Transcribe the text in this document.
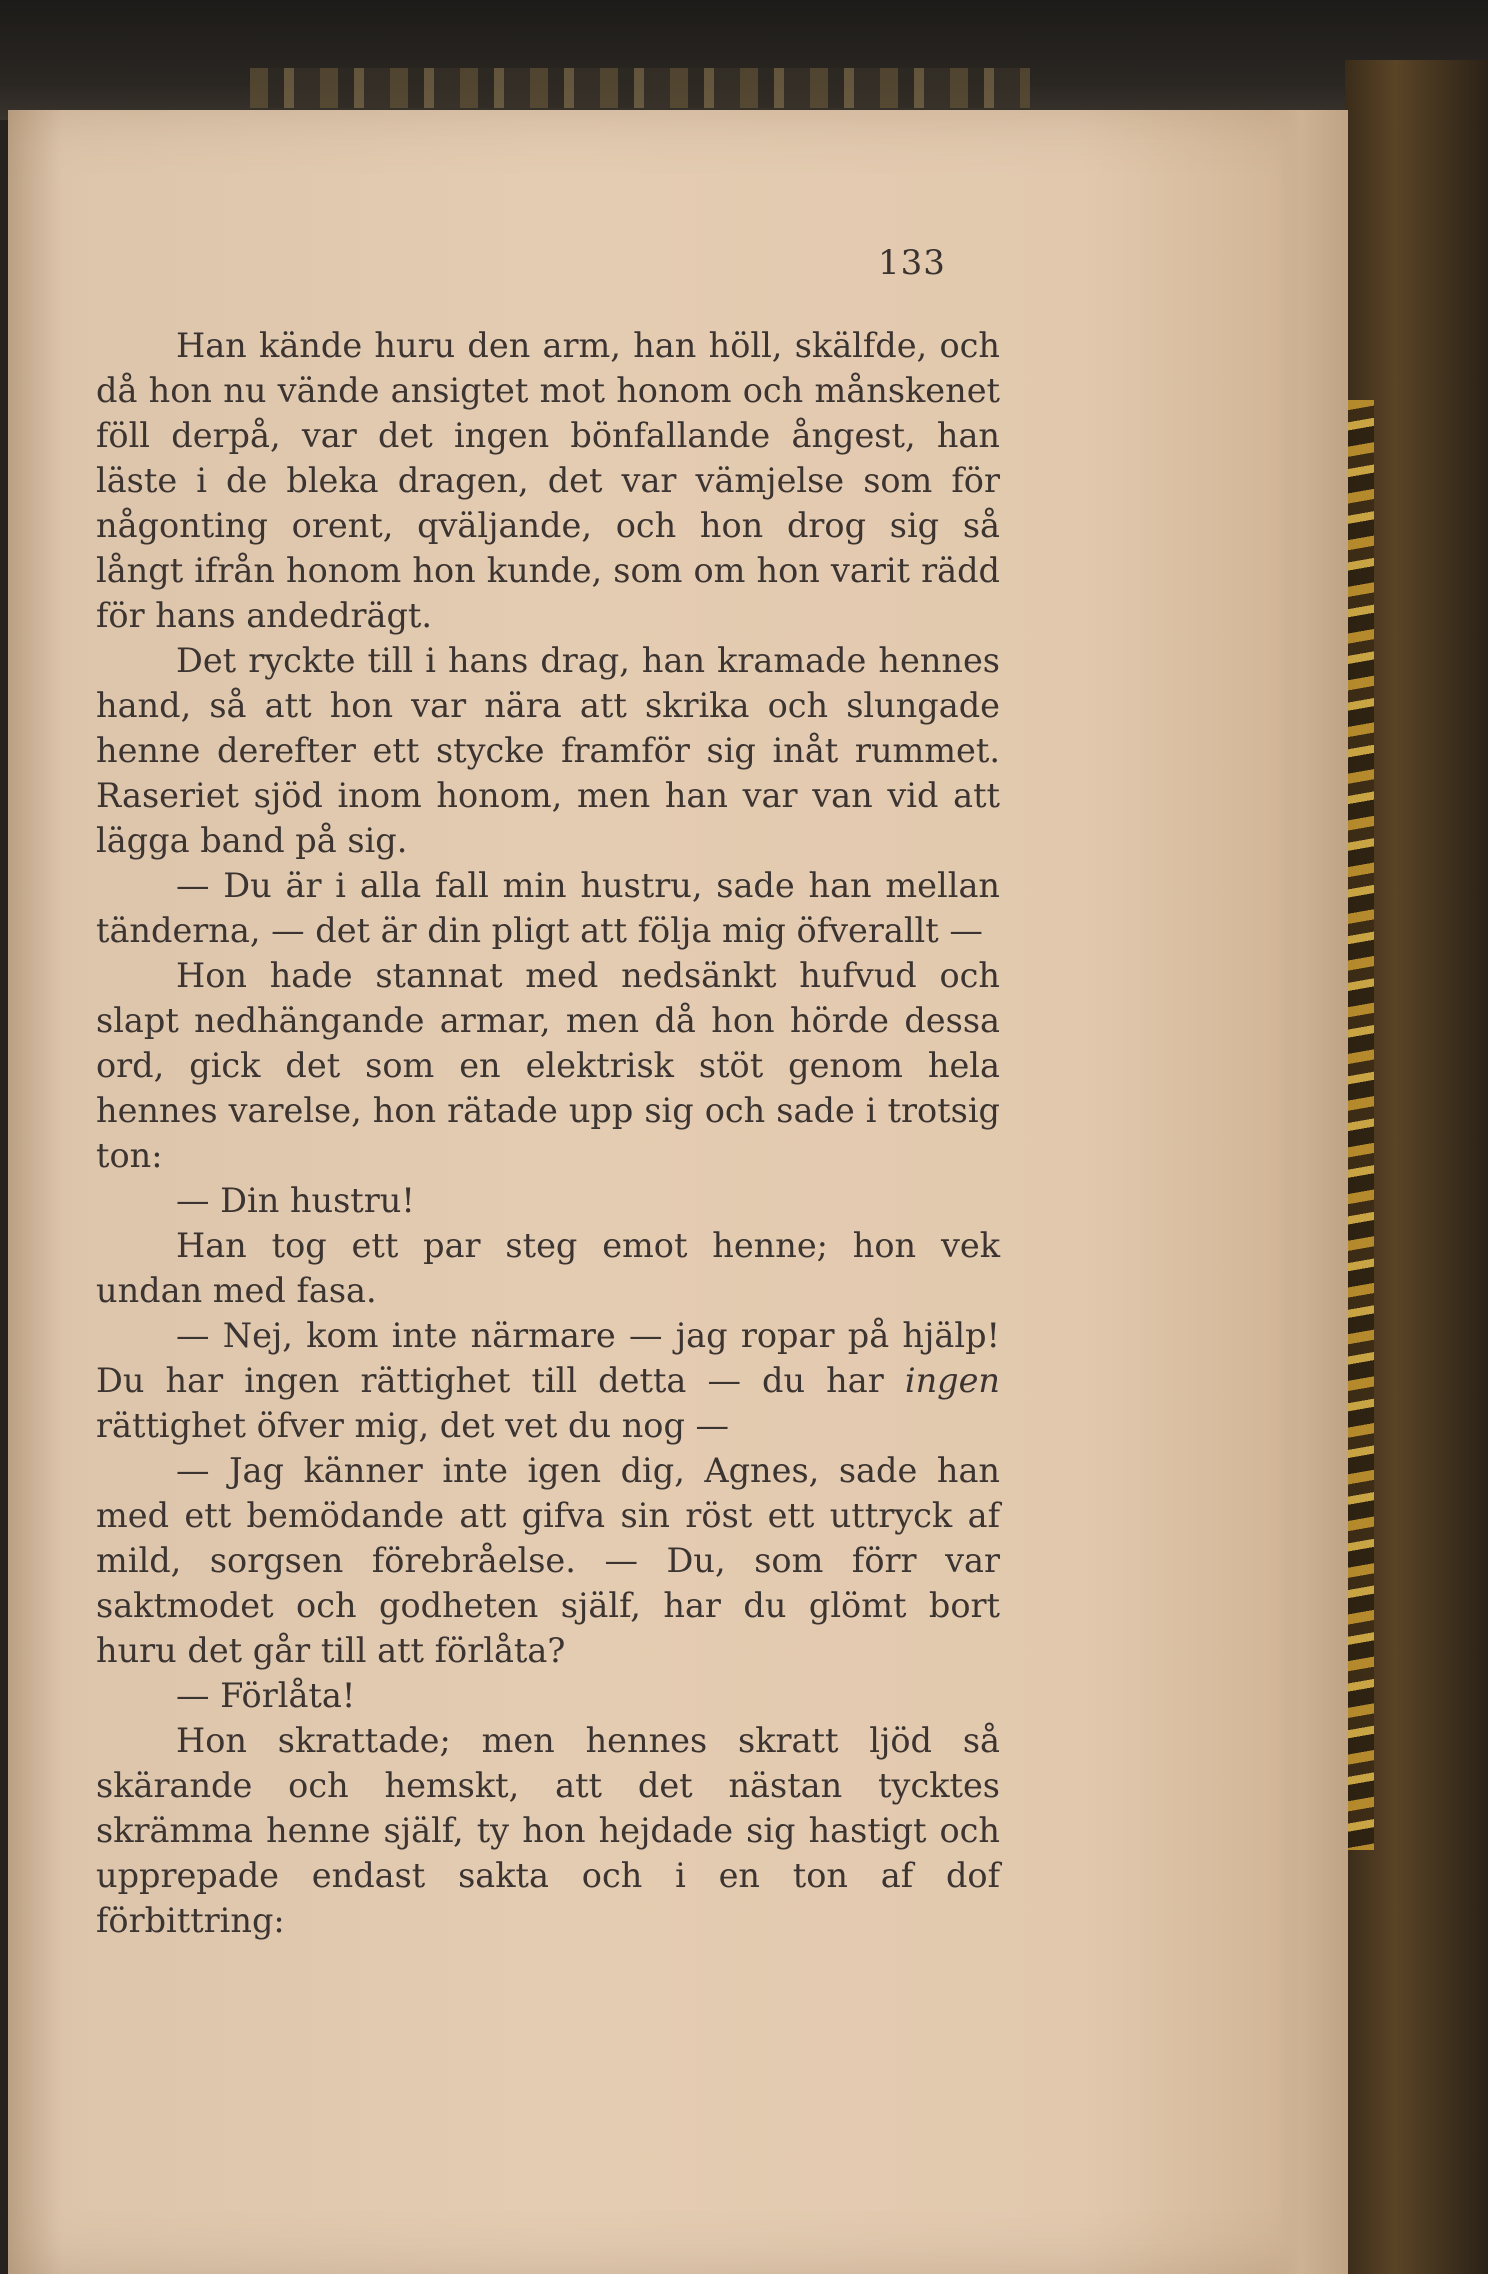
133

Han kände huru den arm, han höll, skälfde, och då hon nu vände ansigtet mot honom och månskenet föll derpå, var det ingen bönfallande ångest, han läste i de bleka dragen, det var vämjelse som för någonting orent, qväljande, och hon drog sig så långt ifrån honom hon kunde, som om hon varit rädd för hans andedrägt.

Det ryckte till i hans drag, han kramade hennes hand, så att hon var nära att skrika och slungade henne derefter ett stycke framför sig inåt rummet. Raseriet sjöd inom honom, men han var van vid att lägga band på sig.

— Du är i alla fall min hustru, sade han mellan tänderna, — det är din pligt att följa mig öfverallt —

Hon hade stannat med nedsänkt hufvud och slapt nedhängande armar, men då hon hörde dessa ord, gick det som en elektrisk stöt genom hela hennes varelse, hon rätade upp sig och sade i trotsig ton:

— Din hustru!

Han tog ett par steg emot henne; hon vek undan med fasa.

— Nej, kom inte närmare — jag ropar på hjälp! Du har ingen rättighet till detta — du har ingen rättighet öfver mig, det vet du nog —

— Jag känner inte igen dig, Agnes, sade han med ett bemödande att gifva sin röst ett uttryck af mild, sorgsen förebråelse. — Du, som förr var saktmodet och godheten själf, har du glömt bort huru det går till att förlåta?

— Förlåta!

Hon skrattade; men hennes skratt ljöd så skärande och hemskt, att det nästan tycktes skrämma henne själf, ty hon hejdade sig hastigt och upprepade endast sakta och i en ton af dof förbittring:
